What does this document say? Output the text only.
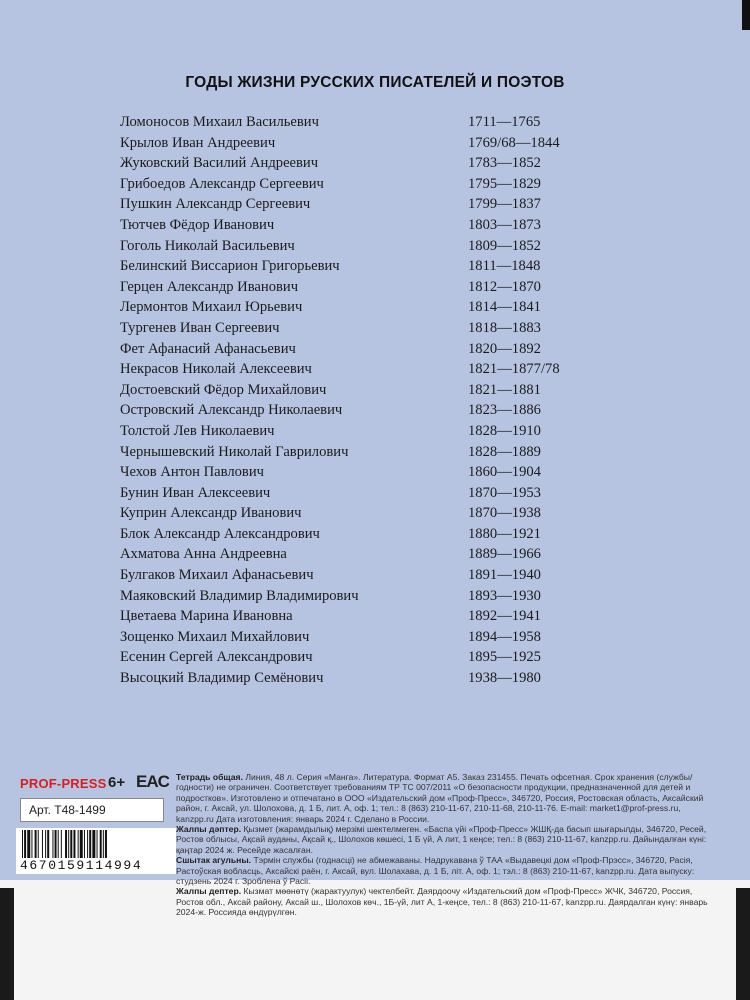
ГОДЫ ЖИЗНИ РУССКИХ ПИСАТЕЛЕЙ И ПОЭТОВ
Ломоносов Михаил Васильевич	1711—1765
Крылов Иван Андреевич	1769/68—1844
Жуковский Василий Андреевич	1783—1852
Грибоедов Александр Сергеевич	1795—1829
Пушкин Александр Сергеевич	1799—1837
Тютчев Фёдор Иванович	1803—1873
Гоголь Николай Васильевич	1809—1852
Белинский Виссарион Григорьевич	1811—1848
Герцен Александр Иванович	1812—1870
Лермонтов Михаил Юрьевич	1814—1841
Тургенев Иван Сергеевич	1818—1883
Фет Афанасий Афанасьевич	1820—1892
Некрасов Николай Алексеевич	1821—1877/78
Достоевский Фёдор Михайлович	1821—1881
Островский Александр Николаевич	1823—1886
Толстой Лев Николаевич	1828—1910
Чернышевский Николай Гаврилович	1828—1889
Чехов Антон Павлович	1860—1904
Бунин Иван Алексеевич	1870—1953
Куприн Александр Иванович	1870—1938
Блок Александр Александрович	1880—1921
Ахматова Анна Андреевна	1889—1966
Булгаков Михаил Афанасьевич	1891—1940
Маяковский Владимир Владимирович	1893—1930
Цветаева Марина Ивановна	1892—1941
Зощенко Михаил Михайлович	1894—1958
Есенин Сергей Александрович	1895—1925
Высоцкий Владимир Семёнович	1938—1980
PROF-PRESS 6+ EAC
Арт. Т48-1499
4670159114994

Тетрадь общая. Линия, 48 л. Серия «Манга». Литература. Формат А5. Заказ 231455. Печать офсетная. Срок хранения (службы/годности) не ограничен. Соответствует требованиям ТР ТС 007/2011 «О безопасности продукции, предназначенной для детей и подростков». Изготовлено и отпечатано в ООО «Издательский дом «Проф-Пресс», 346720, Россия, Ростовская область, Аксайский район, г. Аксай, ул. Шолохова, д. 1 Б, лит. А, оф. 1; тел.: 8 (863) 210-11-67, 210-11-68, 210-11-76. E-mail: market1@prof-press.ru, kanzpp.ru Дата изготовления: январь 2024 г. Сделано в России.

Жалпы дәптер. Қызмет (жарамдылық) мерзімі шектелмеген. «Баспа үйі «Проф-Пресс» ЖШҚ-да басып шығарылды, 346720, Ресей, Ростов облысы, Ақсай ауданы, Ақсай қ., Шолохов көшесі, 1 Б үй, А лит, 1 кеңсе; тел.: 8 (863) 210-11-67, kanzpp.ru. Дайындалған күні: қаңтар 2024 ж. Ресейде жасалған.

Сшытак агульны. Тэрмін службы (годнасці) не абмежаваны. Надрукавана ў ТАА «Выдавецкі дом «Проф-Прэсс», 346720, Расія, Растоўская вобласць, Аксайскі раён, г. Аксай, вул. Шолахава, д. 1 Б, літ. А, оф. 1; тэл.: 8 (863) 210-11-67, kanzpp.ru. Дата выпуску: студзень 2024 г. Зроблена ў Расіі.

Жалпы дептер. Кызмат мөөнөтү (жарактуулук) чектелбейт. Даярдоочу «Издательский дом «Проф-Пресс» ЖЧК, 346720, Россия, Ростов обл., Аксай району, Аксай ш., Шолохов көч., 1Б-үй, лит А, 1-кеңсе, тел.: 8 (863) 210-11-67, kanzpp.ru. Даярдалган күнү: январь 2024-ж. Россияда өндүрүлгөн.
